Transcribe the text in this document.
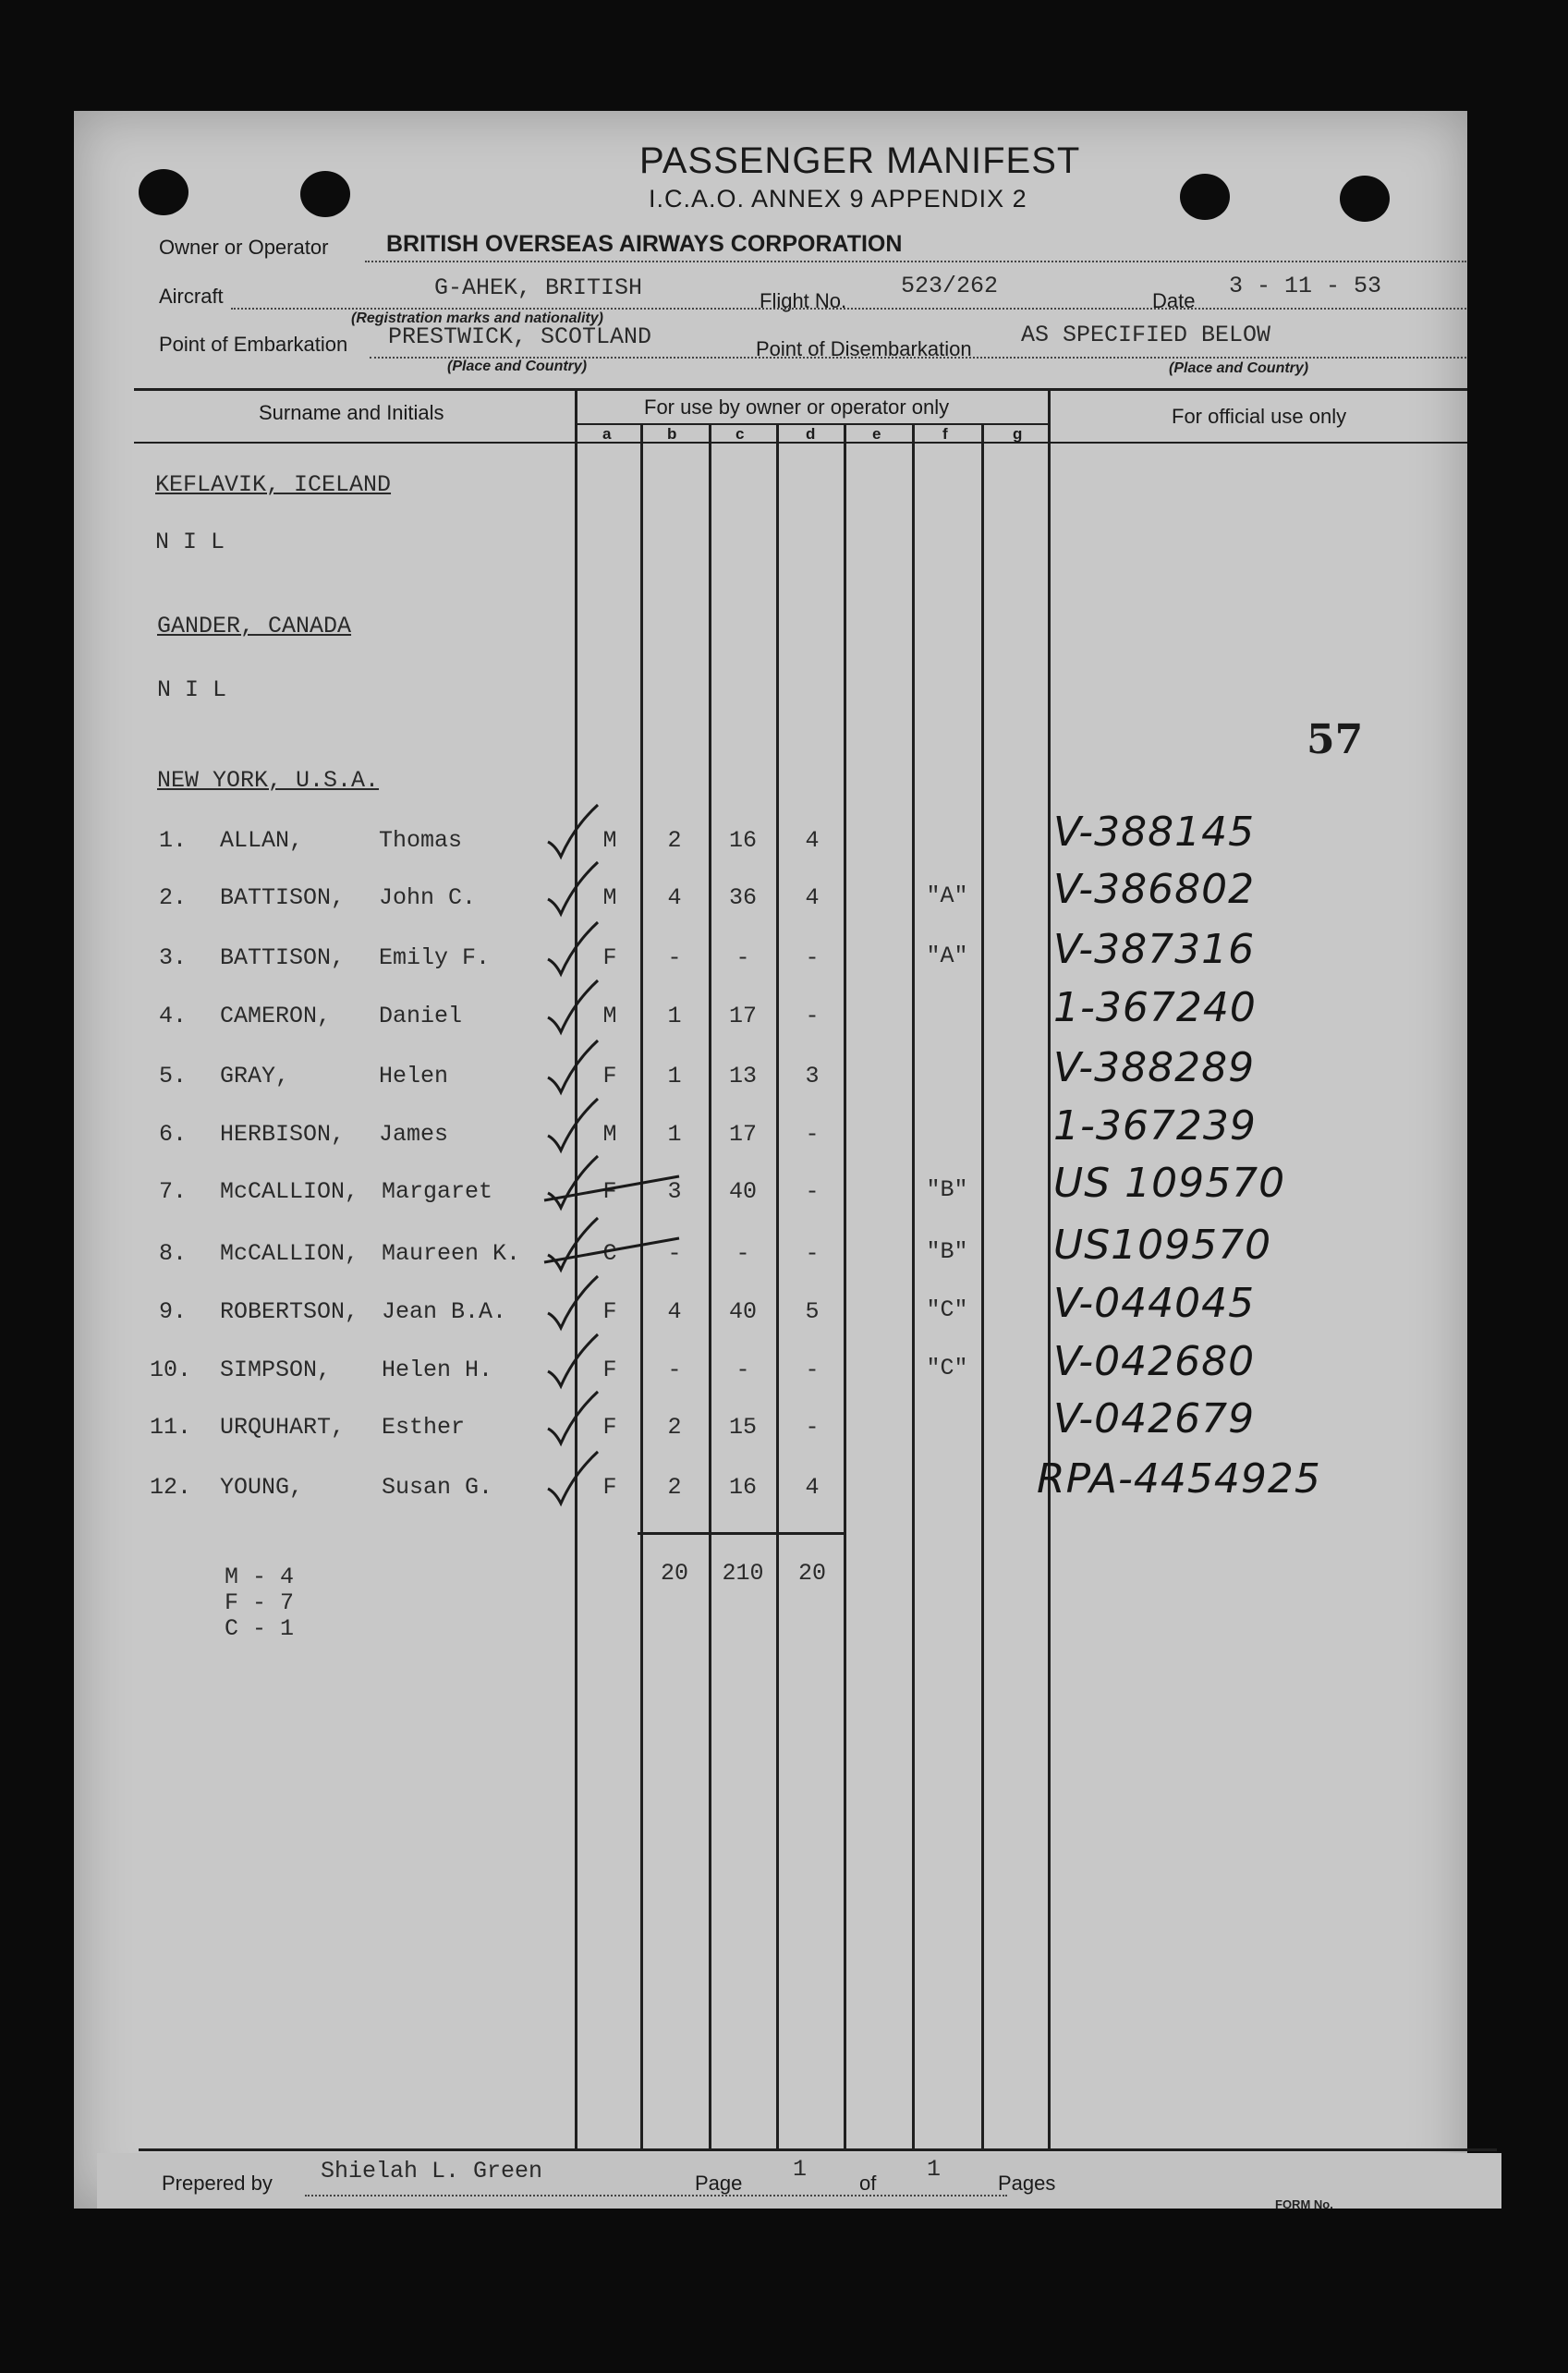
PASSENGER MANIFEST
I.C.A.O. ANNEX 9 APPENDIX 2
Owner or Operator	BRITISH OVERSEAS AIRWAYS CORPORATION
Aircraft	G-AHEK, BRITISH	Flight No.
523/262
Date
3 - 11 - 53
(Registration marks and nationality)
Point of Embarkation PRESTWICK, SCOTLAND	Point of Disembarkation
AS SPECIFIED BELOW
(Place and Country)	(Place and Country)
Surname and Initials	For use by owner or operator only	For official use only
a	b	c	d	e	f	g
KEFLAVIK, ICELAND
N I L
GANDER, CANADA
N I L
NEW YORK, U.S.A.
57
1. ALLAN,	Thomas	M	2	16	4	V-388145
2. BATTISON, John C.	M	4	36	4	"A" V-386802
3. BATTISON, Emily F.	F	-	-	-	"A" V-387316
4. CAMERON, Daniel	M	1	17	-	1-367240
5. GRAY,	Helen	F	1	13	3	V-388289
6. HERBISON, James	M	1	17	-	1-367239
7. McCALLION, Margaret	F	3	40	-	"B" US 109570
8. McCALLION, Maureen K.	C	-	-	-	"B" US109570
9. ROBERTSON, Jean B.A.	F	4	40	5	"C" V-044045
10. SIMPSON, Helen H.	F	-	-	-	"C" V-042680
11. URQUHART, Esther	F	2	15	-	V-042679
12. YOUNG,	Susan G.	F	2	16	4	RPA-4454925
20	210	20
M - 4
F - 7
C - 1
Prepered by Shielah L. Green	Page
1
of
1
Pages
FORM No.
